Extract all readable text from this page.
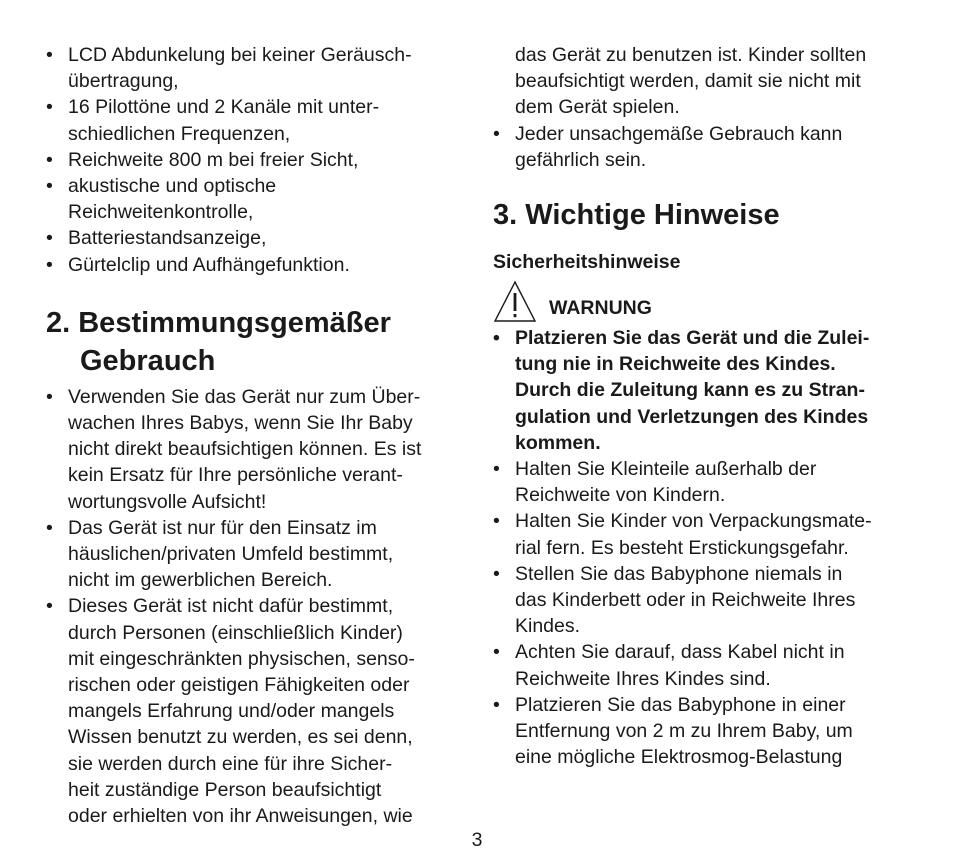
• LCD Abdunkelung bei keiner Geräusch-
übertragung,
• 16 Pilottöne und 2 Kanäle mit unter-
schiedlichen Frequenzen,
• Reichweite 800 m bei freier Sicht,
• akustische und optische
Reichweitenkontrolle,
• Batteriestandsanzeige,
• Gürtelclip und Aufhängefunktion.
2. Bestimmungsgemäßer
Gebrauch
• Verwenden Sie das Gerät nur zum Über-
wachen Ihres Babys, wenn Sie Ihr Baby
nicht direkt beaufsichtigen können. Es ist
kein Ersatz für Ihre persönliche verant-
wortungsvolle Aufsicht!
• Das Gerät ist nur für den Einsatz im
häuslichen/privaten Umfeld bestimmt,
nicht im gewerblichen Bereich.
• Dieses Gerät ist nicht dafür bestimmt,
durch Personen (einschließlich Kinder)
mit eingeschränkten physischen, senso-
rischen oder geistigen Fähigkeiten oder
mangels Erfahrung und/oder mangels
Wissen benutzt zu werden, es sei denn,
sie werden durch eine für ihre Sicher-
heit zuständige Person beaufsichtigt
oder erhielten von ihr Anweisungen, wie
das Gerät zu benutzen ist. Kinder sollten
beaufsichtigt werden, damit sie nicht mit
dem Gerät spielen.
• Jeder unsachgemäße Gebrauch kann
gefährlich sein.
3. Wichtige Hinweise
Sicherheitshinweise
WARNUNG
• Platzieren Sie das Gerät und die Zulei-
tung nie in Reichweite des Kindes.
Durch die Zuleitung kann es zu Stran-
gulation und Verletzungen des Kindes
kommen.
• Halten Sie Kleinteile außerhalb der
Reichweite von Kindern.
• Halten Sie Kinder von Verpackungsmate-
rial fern. Es besteht Erstickungsgefahr.
• Stellen Sie das Babyphone niemals in
das Kinderbett oder in Reichweite Ihres
Kindes.
• Achten Sie darauf, dass Kabel nicht in
Reichweite Ihres Kindes sind.
• Platzieren Sie das Babyphone in einer
Entfernung von 2 m zu Ihrem Baby, um
eine mögliche Elektrosmog-Belastung
3
